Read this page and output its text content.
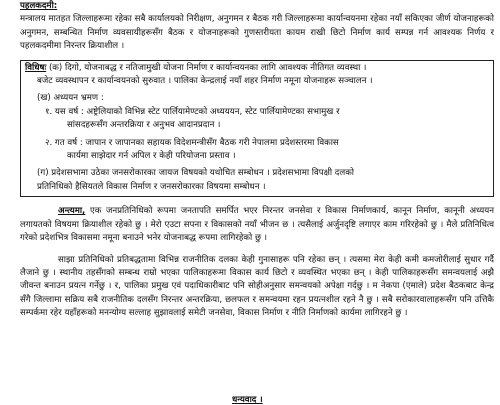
पहलकदमी:
मन्त्रालय मातहत जिल्लाहरूमा रहेका सबै कार्यालयको निरीक्षण, अनुगमन र बैठक गरी जिल्लाहरूमा कार्यान्वयनमा रहेका नयाँ सकिएका जीर्ण योजनाहरूको अनुगमन, सम्बन्धित निर्माण व्यवसायीहरूसँग बैठक र योजनाहरूको गुणस्तरीयता कायम राखी छिटो निर्माण कार्य सम्पन्न गर्न आवश्यक निर्णय र पहलकदमीमा निरन्तर क्रियाशील ।

विधिषः (क) दिगो, योजनाबद्ध र नतिजामुखी योजना निर्माण र कार्यान्वयनका लागि आवश्यक नीतिगत व्यवस्था ।

बजेट व्यवस्थापन र कार्यान्वयनको सुरुवात । पालिका केन्द्रलाई नयाँ शहर निर्माण नमूना योजनाहरू सञ्चालन ।

(ख) अध्ययन भ्रमण :

१. यस वर्ष : अष्ट्रेलियाको विभिन्न स्टेट पार्लियामेण्टको अध्यययन, स्टेट पार्लियामेण्टका सभामुख र

सांसदहरूसँग अन्तरक्रिया र अनुभव आदानप्रदान ।

२. गत वर्ष : जापान र जापानका सहायक विदेशमन्त्रीसँग बैठक गरी नेपालमा प्रदेशस्तरमा विकास

कार्यमा साझेदार गर्न अपिल र केही परियोजना प्रस्ताव ।

(ग) प्रदेशसभामा उठेका जनसरोकारका जायज विषयको यथोचित सम्बोधन । प्रदेशसभामा विपक्षी दलको

प्रतिनिधिको हैसियतले विकास निर्माण र जनसरोकारका विषयमा सम्बोधन ।

अन्त्यमा, एक जनप्रतिनिधिको रूपमा जनतापति समर्पित भएर निरन्तर जनसेवा र विकास निर्माणकार्य, कानून निर्माण, कानूनी अध्ययन लगायतको विषयमा क्रियाशील रहेको छु । मेरो एउटा सपना र विकासको नयाँ भीजन छ । त्यसैलाई अर्जुनदृष्टि लगाएर काम गरिरहेको छु । मैले प्रतिनिधित्व गरेको प्रदेशभित्र विकासमा नमूना बनाउने भनेर योजनाबद्ध रूपमा लागिरहेको छु ।

साझा प्रतिनिधिको प्रतिबद्धतामा विभिन्न राजनीतिक दलका केही गुनासाहरू पनि रहेका छन् । त्यसमा मेरा केही कमी कमजोरीलाई सुधार गर्दै लैजाने छु । स्थानीय तहसँगको सम्बन्ध राम्रो भएका पालिकाहरूमा विकास कार्य छिटो र व्यवस्थित भएका छन् । केही पालिकाहरूसँग समन्वयलाई अझै जीवन्त बनाउन प्रयत्न गर्नेछु । र, पालिका प्रमुख एवं पदाधिकारीबाट पनि सोहीअनुसार समन्वयको अपेक्षा गर्दछु । म नेकपा (एमाले) प्रदेश बैठकबाट केन्द्र सँगै जिल्लामा सक्रिय सबै राजनीतिक दलसँग निरन्तर अन्तरक्रिया, छलफल र समन्वयमा रहन प्रयत्नशील रहने नै छु । सबै सरोकारवालाहरूसँग पनि उत्तिकै सम्पर्कमा रहेर यहाँहरूको मनन्योग्य सल्लाह सुझावलाई समेटी जनसेवा, विकास निर्माण र नीति निर्माणको कार्यमा लागिरहने छु ।

धन्यवाद ।
